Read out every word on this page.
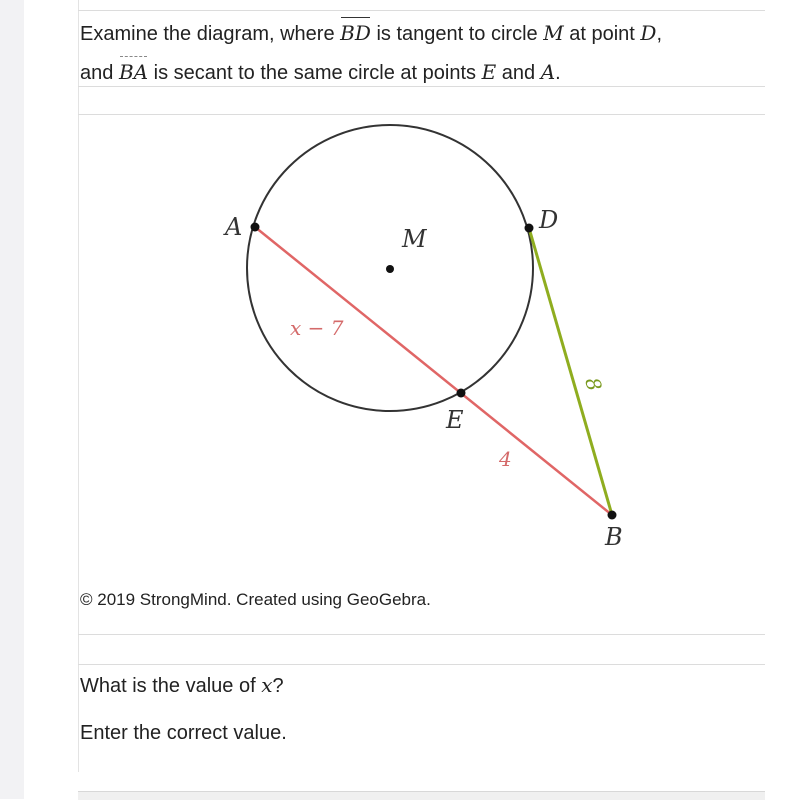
Examine the diagram, where BD is tangent to circle M at point D,
and BA is secant to the same circle at points E and A.
A	M
D
E
B
x − 7
4
8
© 2019 StrongMind. Created using GeoGebra.
What is the value of x?
Enter the correct value.
